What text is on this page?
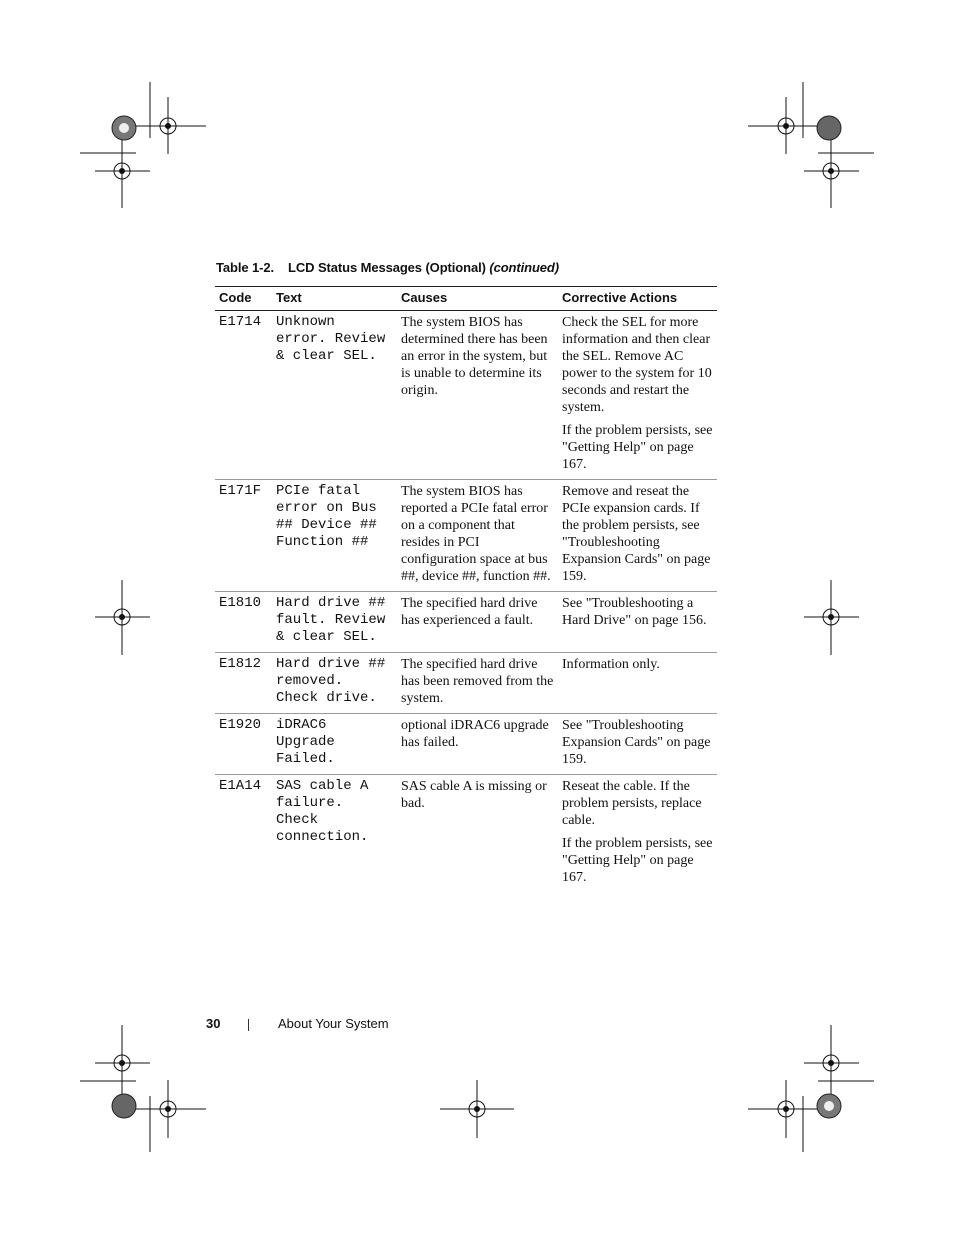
Table 1-2. LCD Status Messages (Optional) (continued)
Code	Text	Causes	Corrective Actions
E1714	Unknown error. Review & clear SEL.	The system BIOS has determined there has been an error in the system, but is unable to determine its origin.	Check the SEL for more information and then clear the SEL. Remove AC power to the system for 10 seconds and restart the system.

If the problem persists, see "Getting Help" on page 167.

E171F	PCIe fatal error on Bus ## Device ## Function ##	The system BIOS has reported a PCIe fatal error on a component that resides in PCI configuration space at bus ##, device ##, function ##.	Remove and reseat the PCIe expansion cards. If the problem persists, see "Troubleshooting Expansion Cards" on page 159.

E1810	Hard drive ## fault. Review & clear SEL.	The specified hard drive has experienced a fault.	See "Troubleshooting a Hard Drive" on page 156.

E1812	Hard drive ## removed. Check drive.	The specified hard drive has been removed from the system.	Information only.

E1920	iDRAC6 Upgrade Failed.	optional iDRAC6 upgrade has failed.	See "Troubleshooting Expansion Cards" on page 159.

E1A14	SAS cable A failure. Check connection.	SAS cable A is missing or bad.	Reseat the cable. If the problem persists, replace cable.

If the problem persists, see "Getting Help" on page 167.

30	About Your System
